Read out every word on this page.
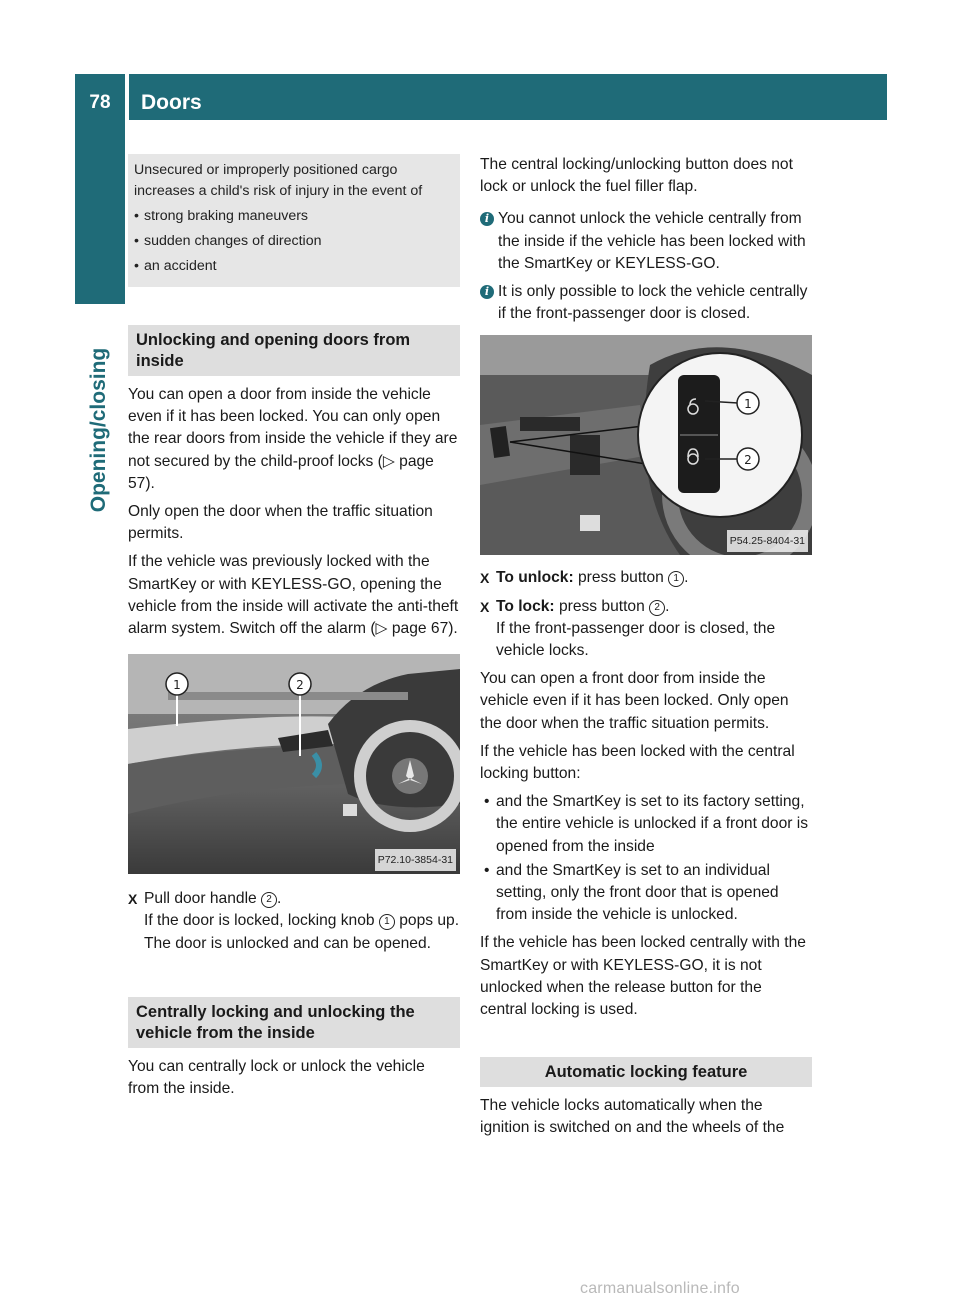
78	Doors
Opening/closing

Unsecured or improperly positioned cargo increases a child's risk of injury in the event of

• strong braking maneuvers
• sudden changes of direction
• an accident
Unlocking and opening doors from inside

You can open a door from inside the vehicle even if it has been locked. You can only open the rear doors from inside the vehicle if they are not secured by the child-proof locks (▷ page 57).

Only open the door when the traffic situation permits.

If the vehicle was previously locked with the SmartKey or with KEYLESS-GO, opening the vehicle from the inside will activate the anti-theft alarm system. Switch off the alarm (▷ page 67).

1	2
P72.10-3854-31
X Pull door handle 2 .

If the door is locked, locking knob 1 pops up. The door is unlocked and can be opened.

Centrally locking and unlocking the vehicle from the inside

You can centrally lock or unlock the vehicle from the inside.

The central locking/unlocking button does not lock or unlock the fuel filler flap.

i You cannot unlock the vehicle centrally from the inside if the vehicle has been locked with the SmartKey or KEYLESS-GO.

i It is only possible to lock the vehicle centrally if the front-passenger door is closed.

1
2
P54.25-8404-31
X To unlock: press button 1 .
X To lock: press button 2 .

If the front-passenger door is closed, the vehicle locks.

You can open a front door from inside the vehicle even if it has been locked. Only open the door when the traffic situation permits.

If the vehicle has been locked with the central locking button:

• and the SmartKey is set to its factory setting, the entire vehicle is unlocked if a front door is opened from the inside
• and the SmartKey is set to an individual setting, only the front door that is opened from inside the vehicle is unlocked.

If the vehicle has been locked centrally with the SmartKey or with KEYLESS-GO, it is not unlocked when the release button for the central locking is used.

Automatic locking feature

The vehicle locks automatically when the ignition is switched on and the wheels of the

carmanualsonline.info
